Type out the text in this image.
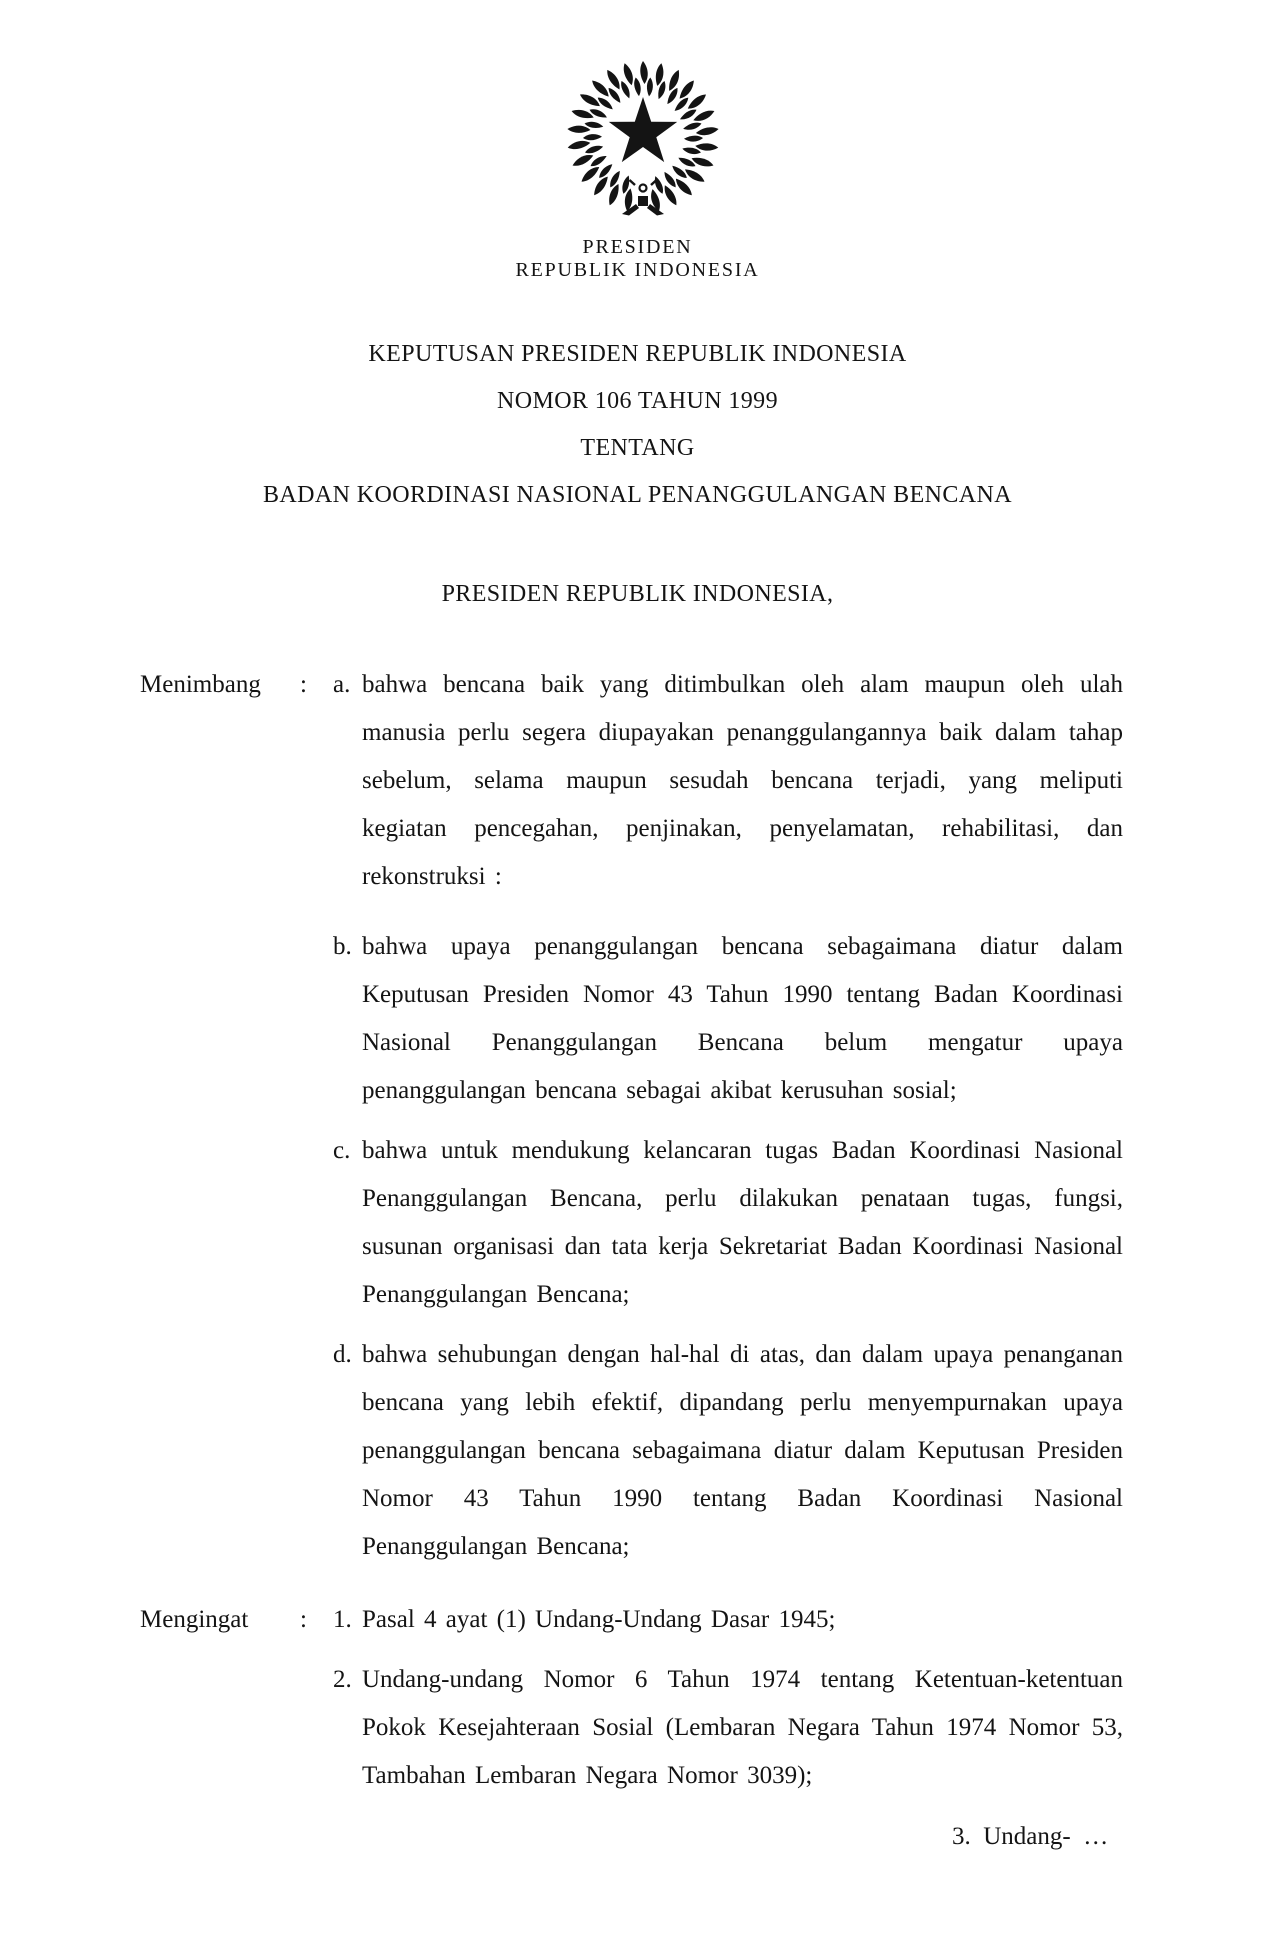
PRESIDEN
REPUBLIK INDONESIA
KEPUTUSAN PRESIDEN REPUBLIK INDONESIA
NOMOR 106 TAHUN 1999
TENTANG
BADAN KOORDINASI NASIONAL PENANGGULANGAN BENCANA
PRESIDEN REPUBLIK INDONESIA,
Menimbang : a. bahwa bencana baik yang ditimbulkan oleh alam maupun oleh ulah manusia perlu segera diupayakan penanggulangannya baik dalam tahap sebelum, selama maupun sesudah bencana terjadi, yang meliputi kegiatan pencegahan, penjinakan, penyelamatan, rehabilitasi, dan rekonstruksi :
b. bahwa upaya penanggulangan bencana sebagaimana diatur dalam Keputusan Presiden Nomor 43 Tahun 1990 tentang Badan Koordinasi Nasional Penanggulangan Bencana belum mengatur upaya penanggulangan bencana sebagai akibat kerusuhan sosial;
c. bahwa untuk mendukung kelancaran tugas Badan Koordinasi Nasional Penanggulangan Bencana, perlu dilakukan penataan tugas, fungsi, susunan organisasi dan tata kerja Sekretariat Badan Koordinasi Nasional Penanggulangan Bencana;
d. bahwa sehubungan dengan hal-hal di atas, dan dalam upaya penanganan bencana yang lebih efektif, dipandang perlu menyempurnakan upaya penanggulangan bencana sebagaimana diatur dalam Keputusan Presiden Nomor 43 Tahun 1990 tentang Badan Koordinasi Nasional Penanggulangan Bencana;
Mengingat : 1. Pasal 4 ayat (1) Undang-Undang Dasar 1945;
2. Undang-undang Nomor 6 Tahun 1974 tentang Ketentuan-ketentuan Pokok Kesejahteraan Sosial (Lembaran Negara Tahun 1974 Nomor 53, Tambahan Lembaran Negara Nomor 3039);
3.  Undang-  …
